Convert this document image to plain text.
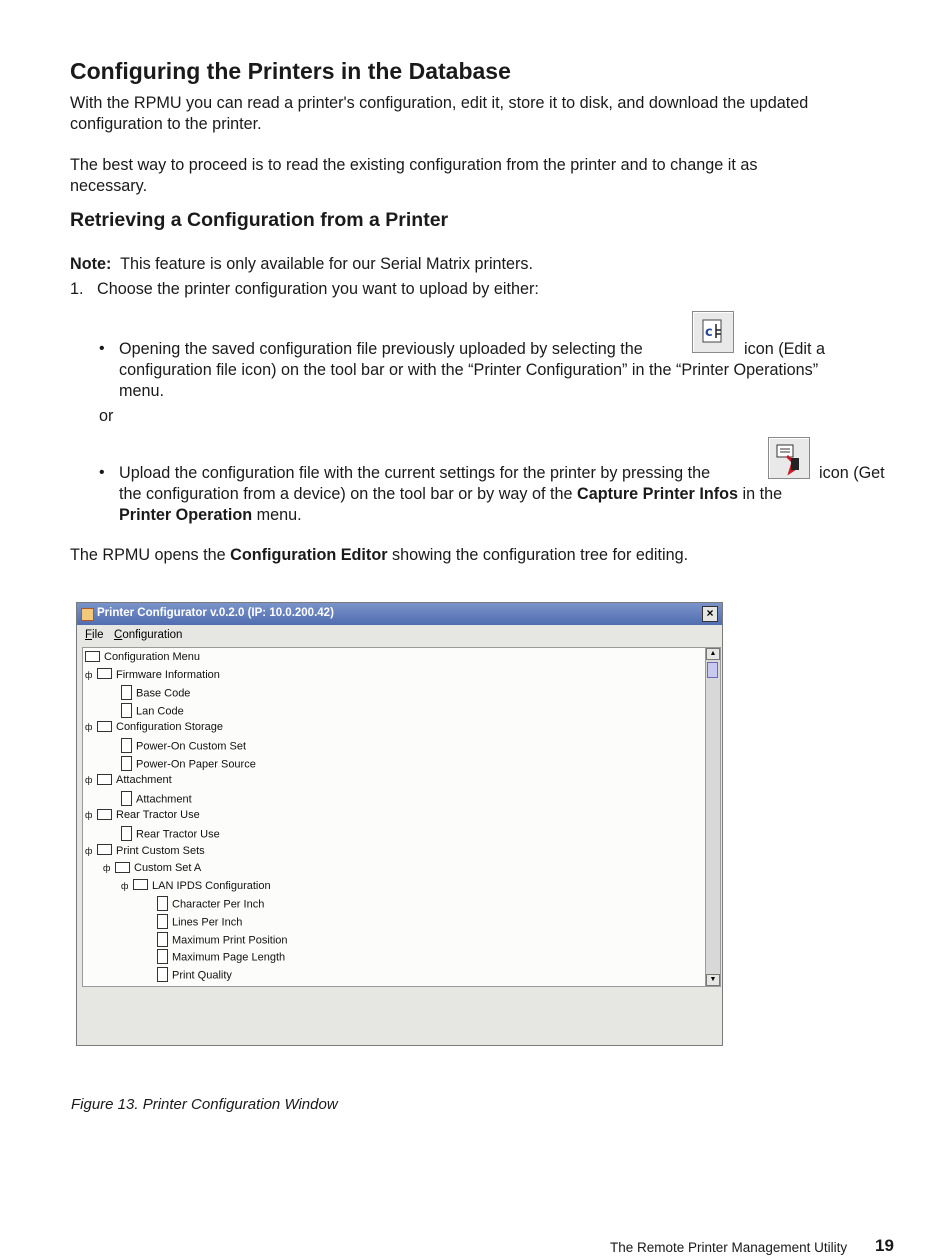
Configuring the Printers in the Database

With the RPMU you can read a printer's configuration, edit it, store it to disk, and download the updated

configuration to the printer.

The best way to proceed is to read the existing configuration from the printer and to change it as

necessary.

Retrieving a Configuration from a Printer

Note: This feature is only available for our Serial Matrix printers.

1. Choose the printer configuration you want to upload by either:

• Opening the saved configuration file previously uploaded by selecting the

c

icon (Edit a

configuration file icon) on the tool bar or with the “Printer Configuration” in the “Printer Operations”

menu.

or

• Upload the configuration file with the current settings for the printer by pressing the	icon (Get

the configuration from a device) on the tool bar or by way of the Capture Printer Infos in the

Printer Operation menu.

The RPMU opens the Configuration Editor showing the configuration tree for editing.

Printer Configurator v.0.2.0 (IP: 10.0.200.42)	×
File Configuration
Configuration Menu
ф Firmware Information
Base Code
Lan Code
ф Configuration Storage
Power-On Custom Set
Power-On Paper Source
ф Attachment
Attachment
ф Rear Tractor Use
Rear Tractor Use
ф Print Custom Sets
ф Custom Set A
ф LAN IPDS Configuration
Character Per Inch
Lines Per Inch
Maximum Print Position
Maximum Page Length
Print Quality
▲
▼

Figure 13. Printer Configuration Window

The Remote Printer Management Utility 19
